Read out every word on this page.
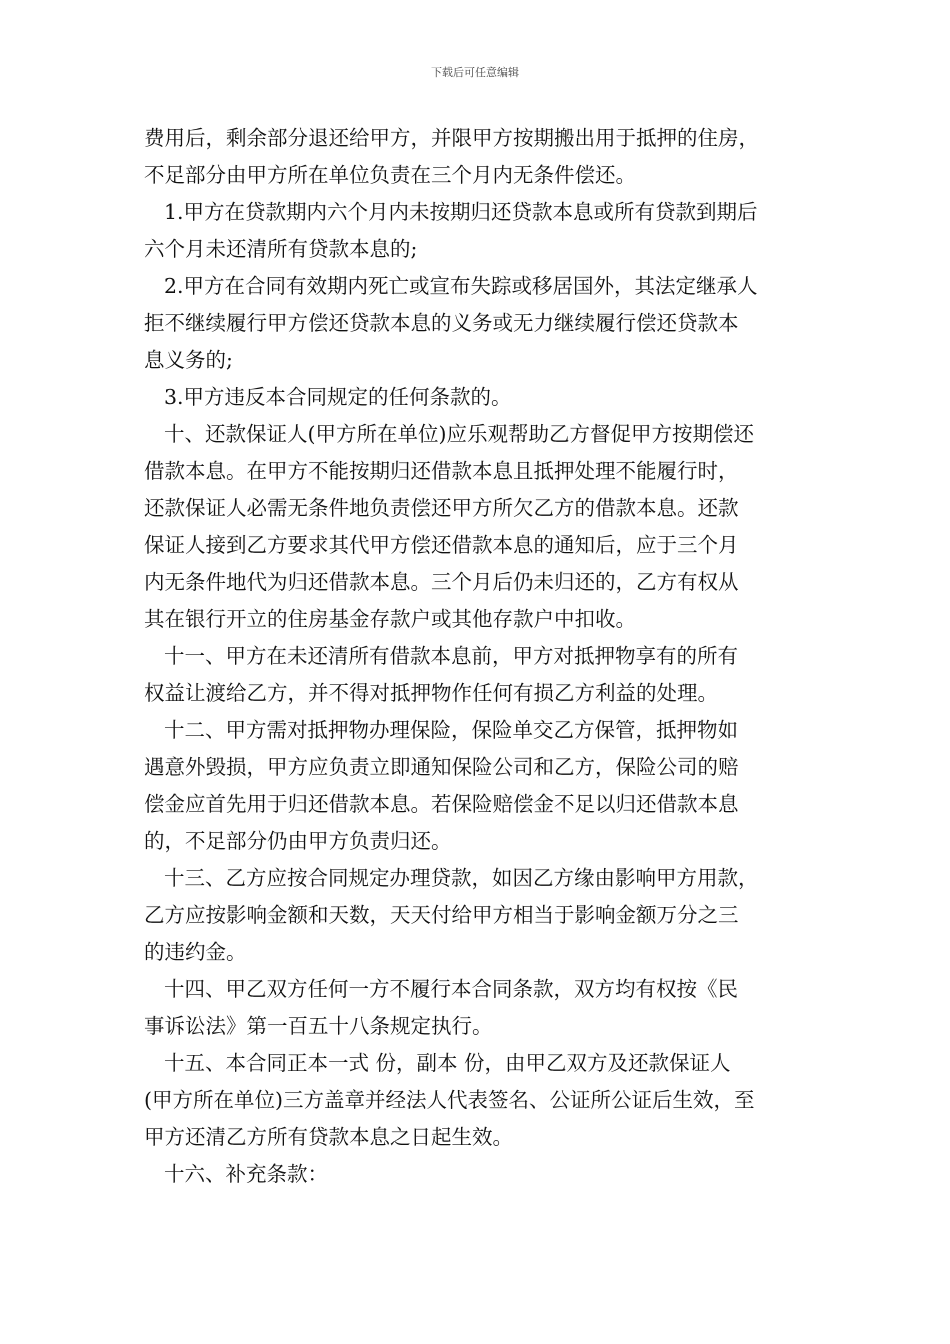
下载后可任意编辑

费用后，剩余部分退还给甲方，并限甲方按期搬出用于抵押的住房，
不足部分由甲方所在单位负责在三个月内无条件偿还。

1.甲方在贷款期内六个月内未按期归还贷款本息或所有贷款到期后
六个月未还清所有贷款本息的;

2.甲方在合同有效期内死亡或宣布失踪或移居国外，其法定继承人
拒不继续履行甲方偿还贷款本息的义务或无力继续履行偿还贷款本
息义务的;

3.甲方违反本合同规定的任何条款的。

十、还款保证人(甲方所在单位)应乐观帮助乙方督促甲方按期偿还
借款本息。在甲方不能按期归还借款本息且抵押处理不能履行时，
还款保证人必需无条件地负责偿还甲方所欠乙方的借款本息。还款
保证人接到乙方要求其代甲方偿还借款本息的通知后，应于三个月
内无条件地代为归还借款本息。三个月后仍未归还的，乙方有权从
其在银行开立的住房基金存款户或其他存款户中扣收。

十一、甲方在未还清所有借款本息前，甲方对抵押物享有的所有
权益让渡给乙方，并不得对抵押物作任何有损乙方利益的处理。

十二、甲方需对抵押物办理保险，保险单交乙方保管，抵押物如
遇意外毁损，甲方应负责立即通知保险公司和乙方，保险公司的赔
偿金应首先用于归还借款本息。若保险赔偿金不足以归还借款本息
的，不足部分仍由甲方负责归还。

十三、乙方应按合同规定办理贷款，如因乙方缘由影响甲方用款，
乙方应按影响金额和天数，天天付给甲方相当于影响金额万分之三
的违约金。

十四、甲乙双方任何一方不履行本合同条款，双方均有权按《民
事诉讼法》第一百五十八条规定执行。

十五、本合同正本一式 份，副本 份，由甲乙双方及还款保证人
(甲方所在单位)三方盖章并经法人代表签名、公证所公证后生效，至
甲方还清乙方所有贷款本息之日起生效。

十六、补充条款：
